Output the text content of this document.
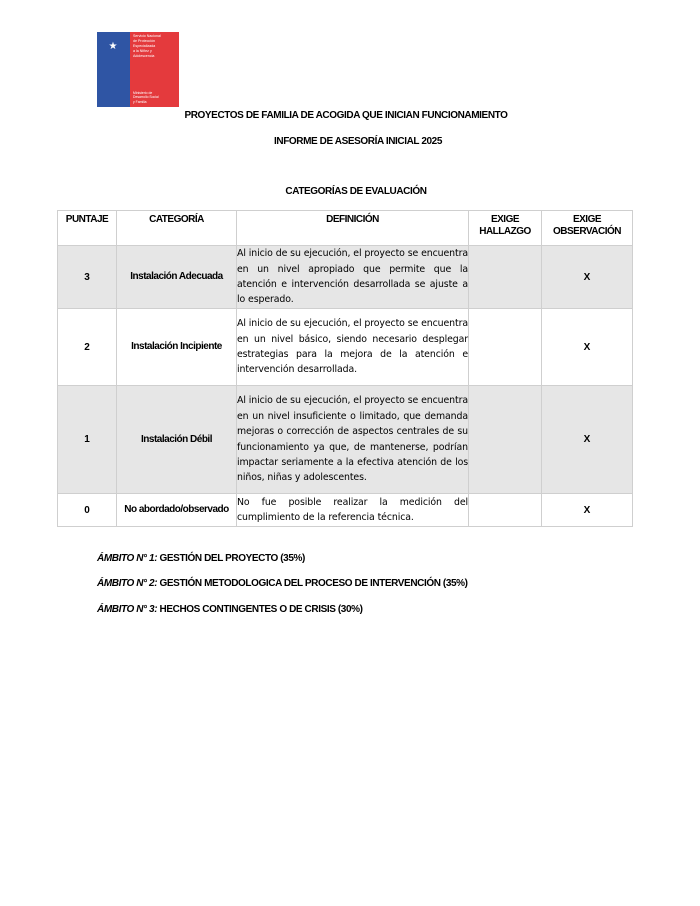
★
Servicio Nacional
de Protección
Especializada
a la Niñez y
Adolescencia
Ministerio de
Desarrollo Social
y Familia
PROYECTOS DE FAMILIA DE ACOGIDA QUE INICIAN FUNCIONAMIENTO
INFORME DE ASESORÍA INICIAL 2025
CATEGORÍAS DE EVALUACIÓN
PUNTAJE	CATEGORÍA	DEFINICIÓN	EXIGE HALLAZGO	EXIGE OBSERVACIÓN
3	Instalación Adecuada	Al inicio de su ejecución, el proyecto se encuentra en un nivel apropiado que permite que la atención e intervención desarrollada se ajuste a lo esperado.		X
2	Instalación Incipiente	Al inicio de su ejecución, el proyecto se encuentra en un nivel básico, siendo necesario desplegar estrategias para la mejora de la atención e intervención desarrollada.		X
1	Instalación Débil	Al inicio de su ejecución, el proyecto se encuentra en un nivel insuficiente o limitado, que demanda mejoras o corrección de aspectos centrales de su funcionamiento ya que, de mantenerse, podrían impactar seriamente a la efectiva atención de los niños, niñas y adolescentes.		X
0	No abordado/observado	No fue posible realizar la medición del cumplimiento de la referencia técnica.		X
ÁMBITO N° 1: GESTIÓN DEL PROYECTO (35%)
ÁMBITO N° 2: GESTIÓN METODOLOGICA DEL PROCESO DE INTERVENCIÓN (35%)
ÁMBITO N° 3: HECHOS CONTINGENTES O DE CRISIS (30%)
